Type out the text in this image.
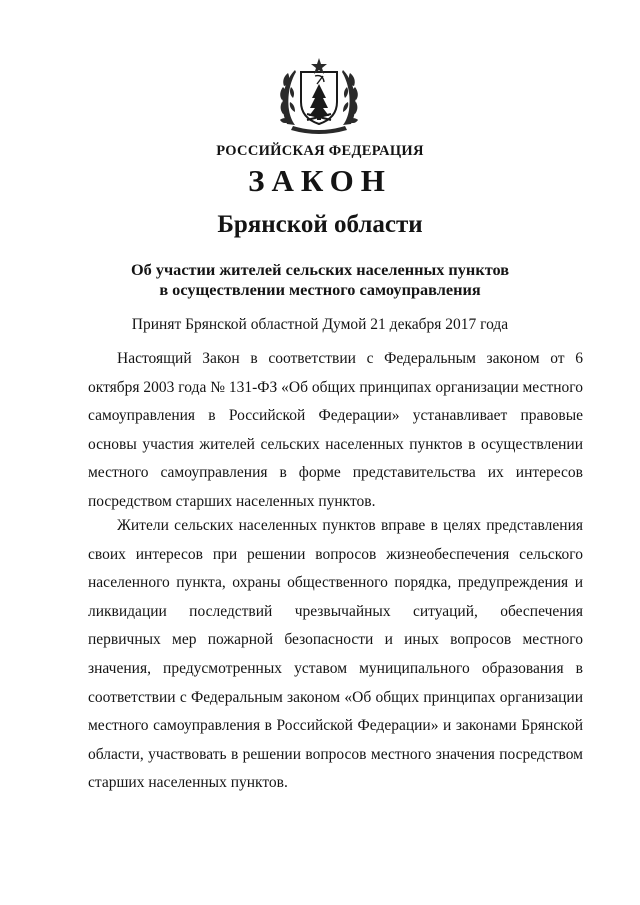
РОССИЙСКАЯ ФЕДЕРАЦИЯ
ЗАКОН
Брянской области
Об участии жителей сельских населенных пунктов
в осуществлении местного самоуправления
Принят Брянской областной Думой 21 декабря 2017 года

Настоящий Закон в соответствии с Федеральным законом от 6 октября 2003 года № 131-ФЗ «Об общих принципах организации местного самоуправления в Российской Федерации» устанавливает правовые основы участия жителей сельских населенных пунктов в осуществлении местного самоуправления в форме представительства их интересов посредством старших населенных пунктов.

Жители сельских населенных пунктов вправе в целях представления своих интересов при решении вопросов жизнеобеспечения сельского населенного пункта, охраны общественного порядка, предупреждения и ликвидации последствий чрезвычайных ситуаций, обеспечения первичных мер пожарной безопасности и иных вопросов местного значения, предусмотренных уставом муниципального образования в соответствии с Федеральным законом «Об общих принципах организации местного самоуправления в Российской Федерации» и законами Брянской области, участвовать в решении вопросов местного значения посредством старших населенных пунктов.
